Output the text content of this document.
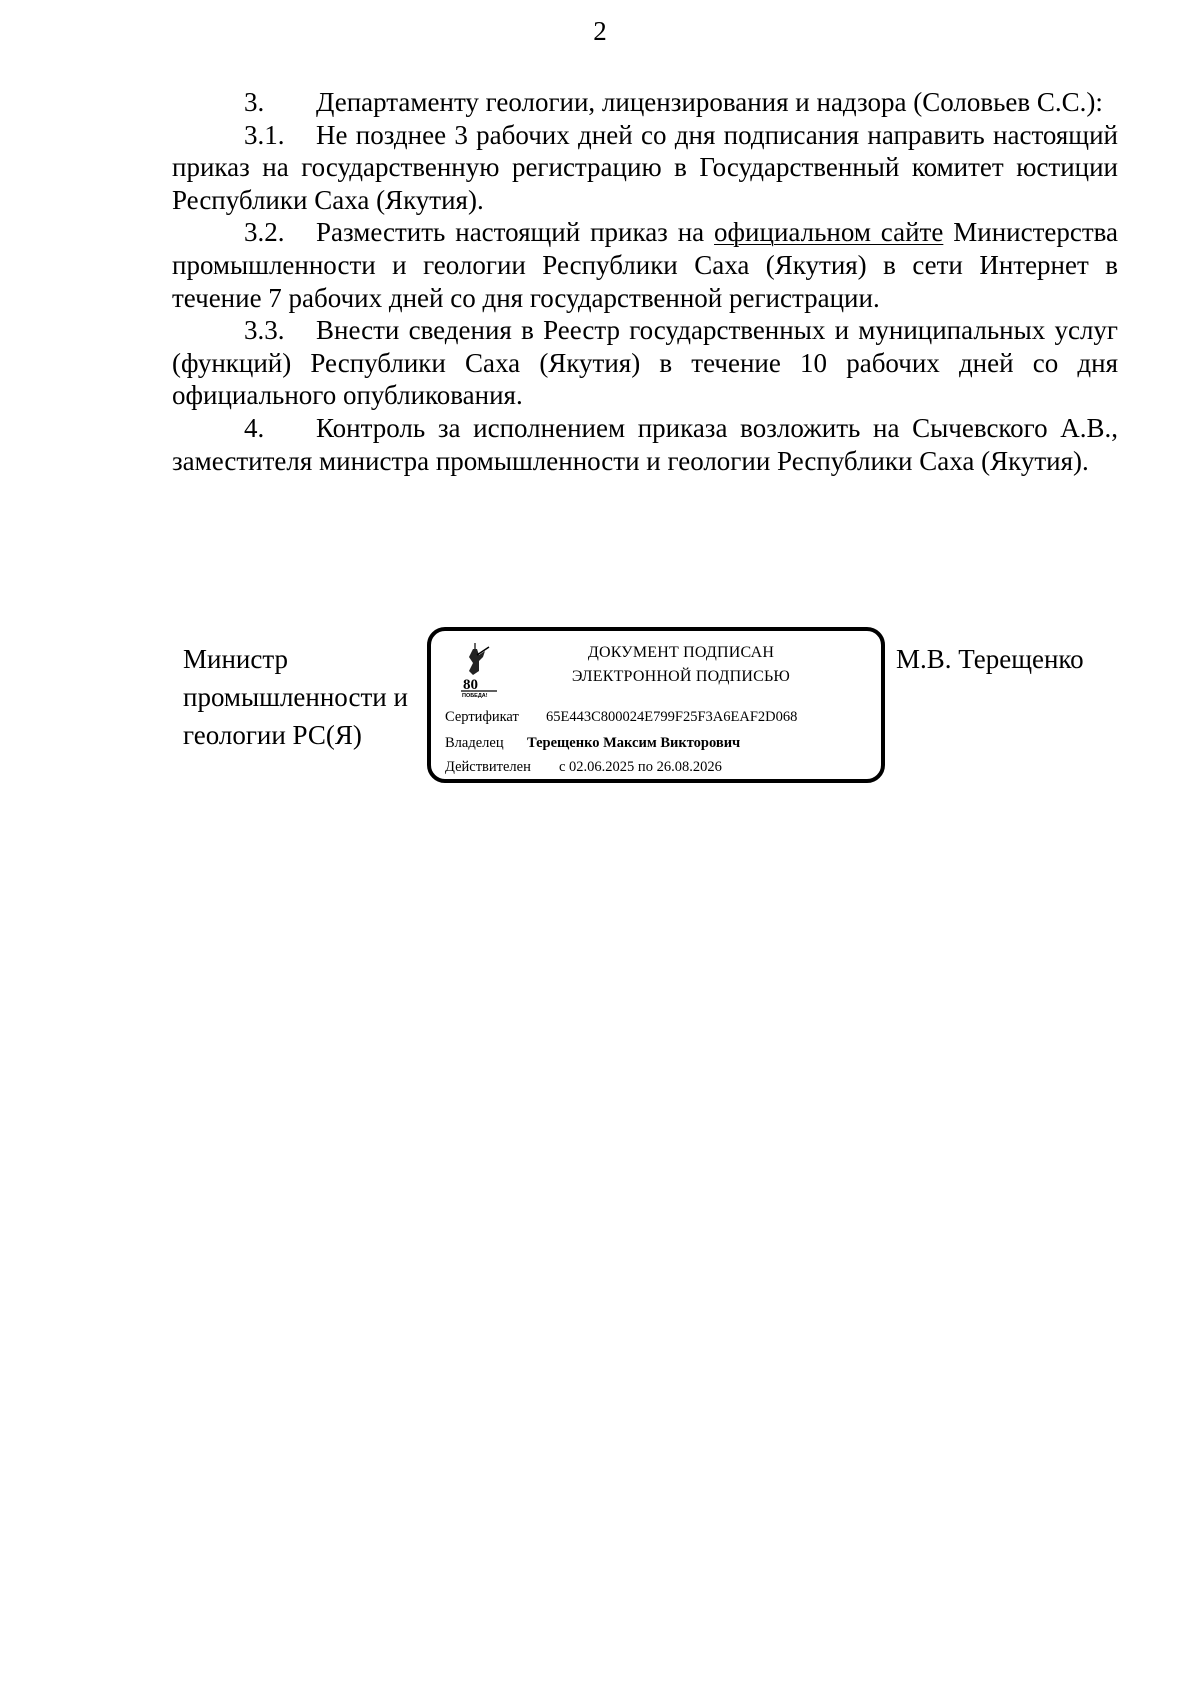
2

3. Департаменту геологии, лицензирования и надзора (Соловьев С.С.):

3.1. Не позднее 3 рабочих дней со дня подписания направить настоящий приказ на государственную регистрацию в Государственный комитет юстиции Республики Саха (Якутия).

3.2. Разместить настоящий приказ на официальном сайте Министерства промышленности и геологии Республики Саха (Якутия) в сети Интернет в течение 7 рабочих дней со дня государственной регистрации.

3.3. Внести сведения в Реестр государственных и муниципальных услуг (функций) Республики Саха (Якутия) в течение 10 рабочих дней со дня официального опубликования.

4. Контроль за исполнением приказа возложить на Сычевского А.В., заместителя министра промышленности и геологии Республики Саха (Якутия).

Министр
промышленности и
геологии РС(Я)
80
ПОБЕДА!
ДОКУМЕНТ ПОДПИСАН
ЭЛЕКТРОННОЙ ПОДПИСЬЮ
Сертификат 65E443C800024E799F25F3A6EAF2D068
Владелец Терещенко Максим Викторович
Действителен с 02.06.2025 по 26.08.2026
М.В. Терещенко
